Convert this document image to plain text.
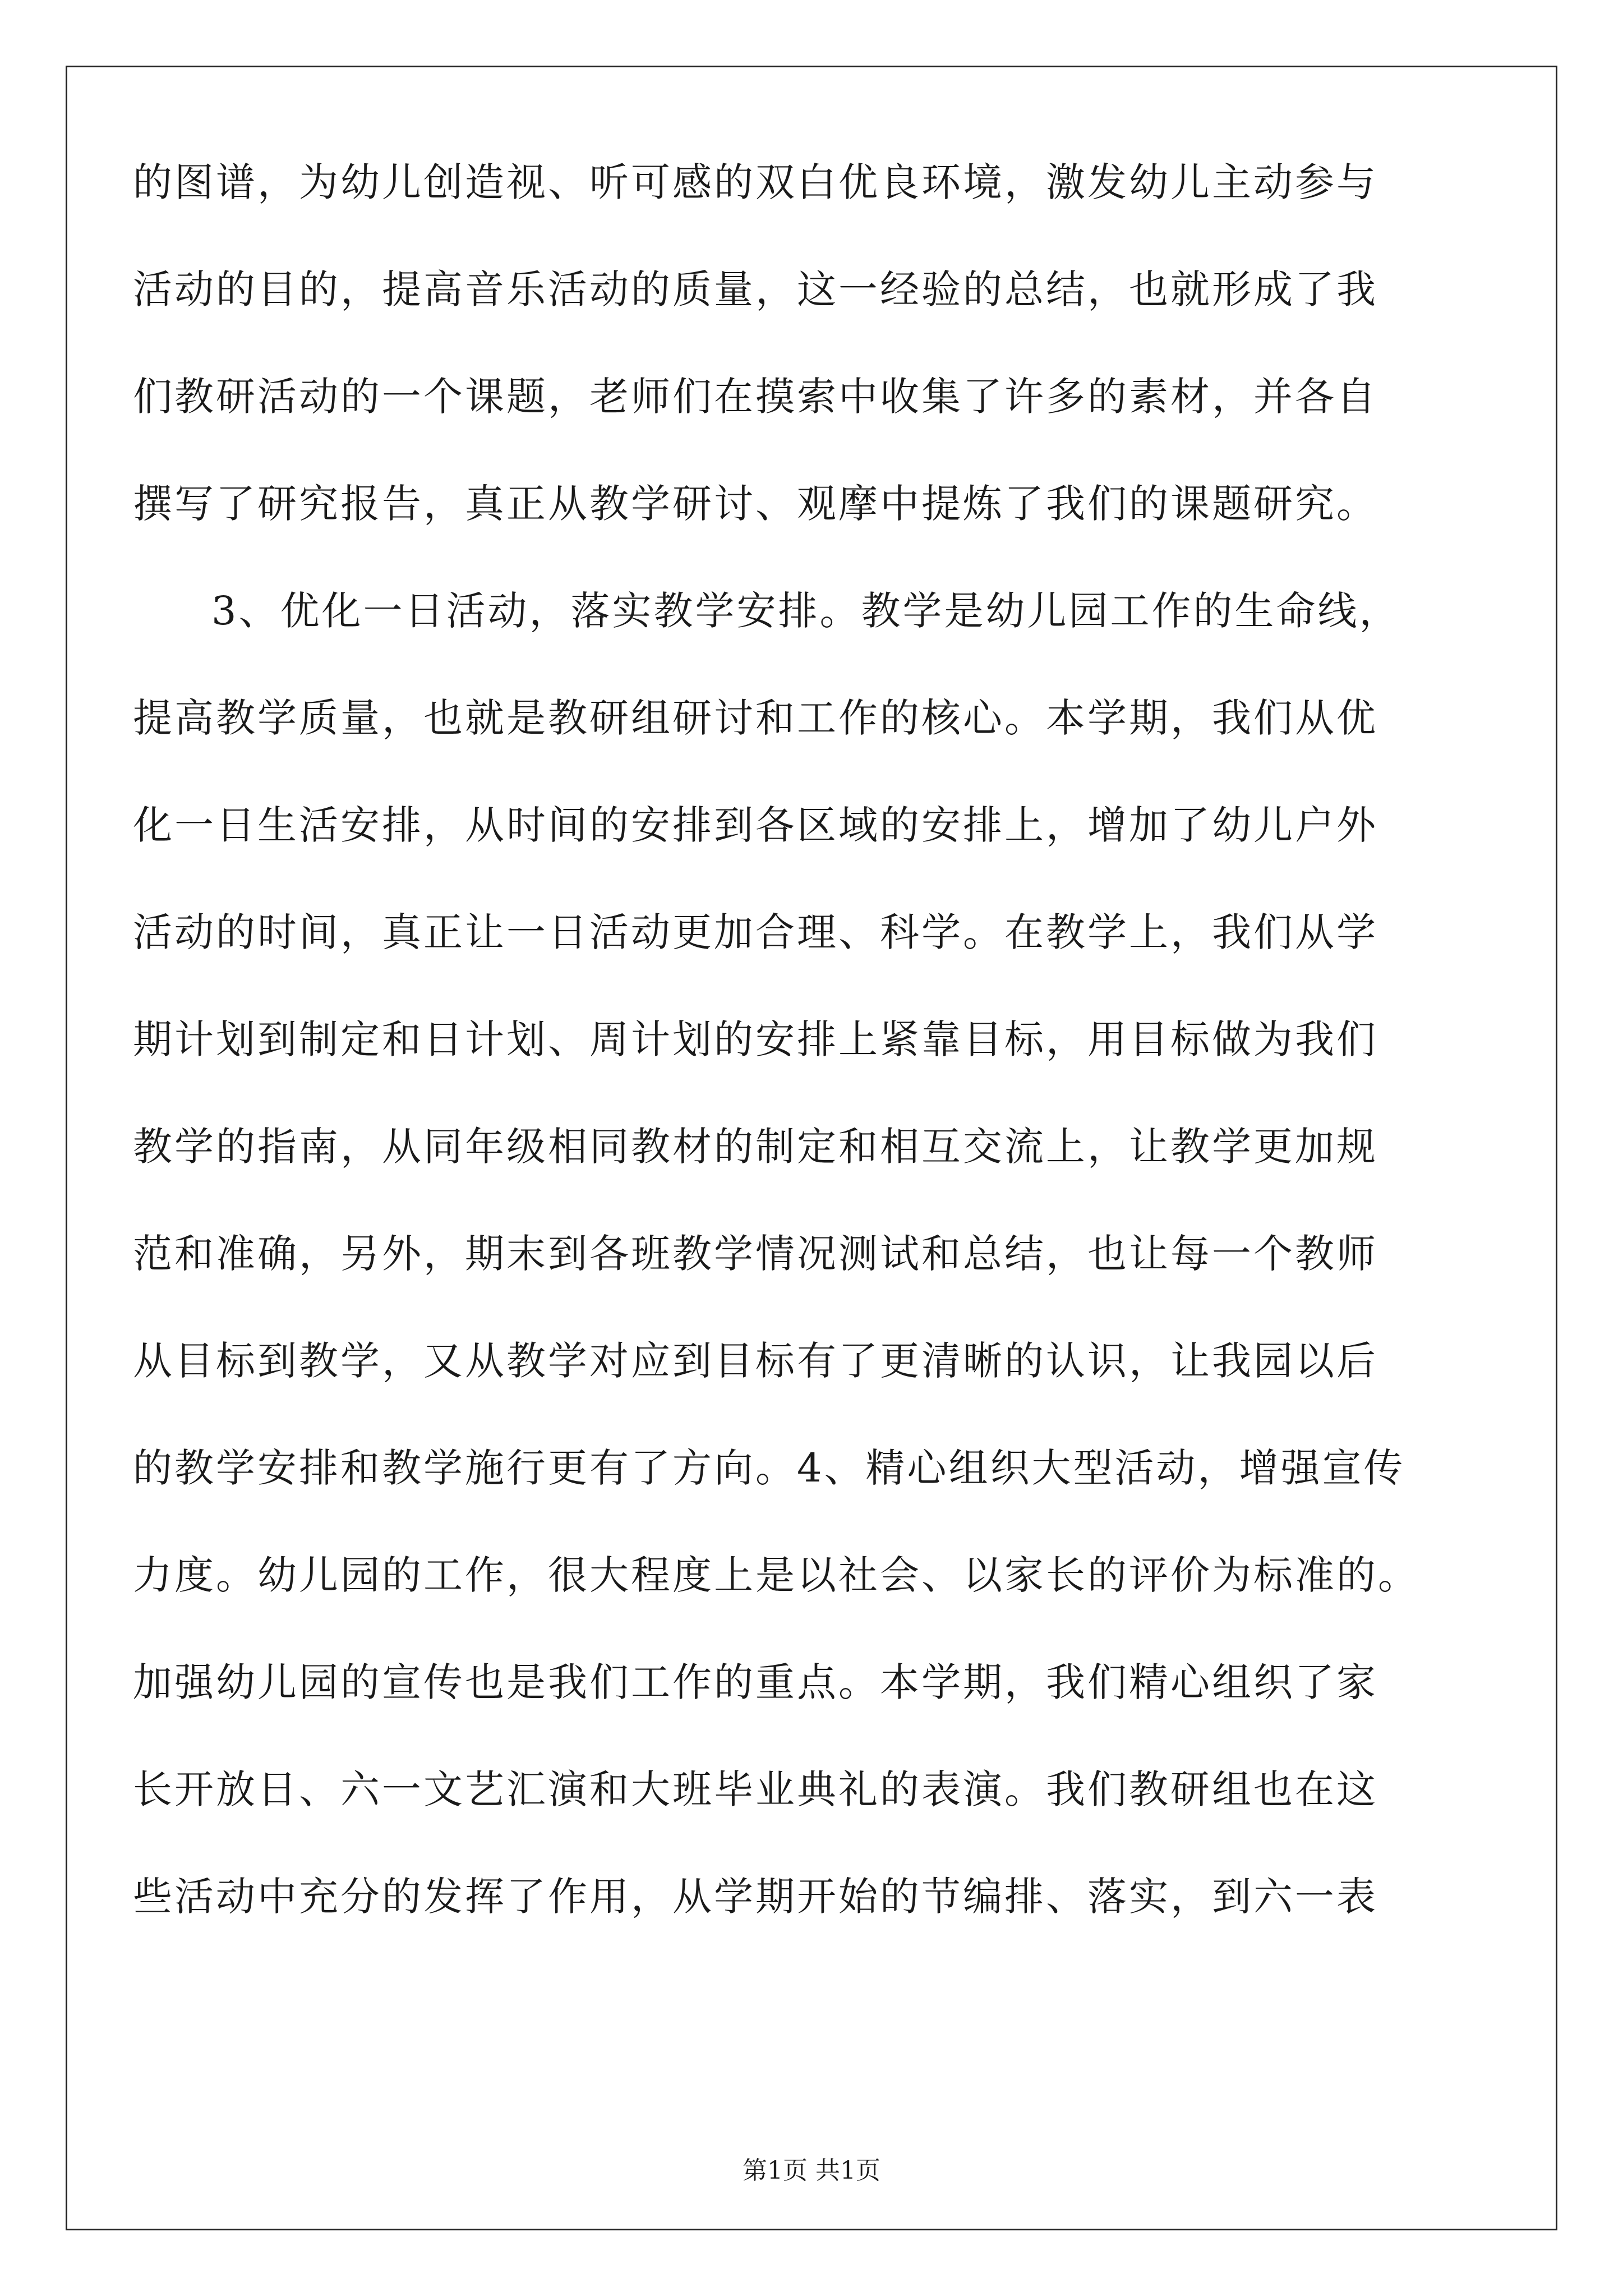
的图谱，为幼儿创造视、听可感的双白优良环境，激发幼儿主动参与
活动的目的，提高音乐活动的质量，这一经验的总结，也就形成了我
们教研活动的一个课题，老师们在摸索中收集了许多的素材，并各自
撰写了研究报告，真正从教学研讨、观摩中提炼了我们的课题研究。
3、优化一日活动，落实教学安排。教学是幼儿园工作的生命线，
提高教学质量，也就是教研组研讨和工作的核心。本学期，我们从优
化一日生活安排，从时间的安排到各区域的安排上，增加了幼儿户外
活动的时间，真正让一日活动更加合理、科学。在教学上，我们从学
期计划到制定和日计划、周计划的安排上紧靠目标，用目标做为我们
教学的指南，从同年级相同教材的制定和相互交流上，让教学更加规
范和准确，另外，期末到各班教学情况测试和总结，也让每一个教师
从目标到教学，又从教学对应到目标有了更清晰的认识，让我园以后
的教学安排和教学施行更有了方向。4、精心组织大型活动，增强宣传
力度。幼儿园的工作，很大程度上是以社会、以家长的评价为标准的。
加强幼儿园的宣传也是我们工作的重点。本学期，我们精心组织了家
长开放日、六一文艺汇演和大班毕业典礼的表演。我们教研组也在这
些活动中充分的发挥了作用，从学期开始的节编排、落实，到六一表
第1页 共1页
